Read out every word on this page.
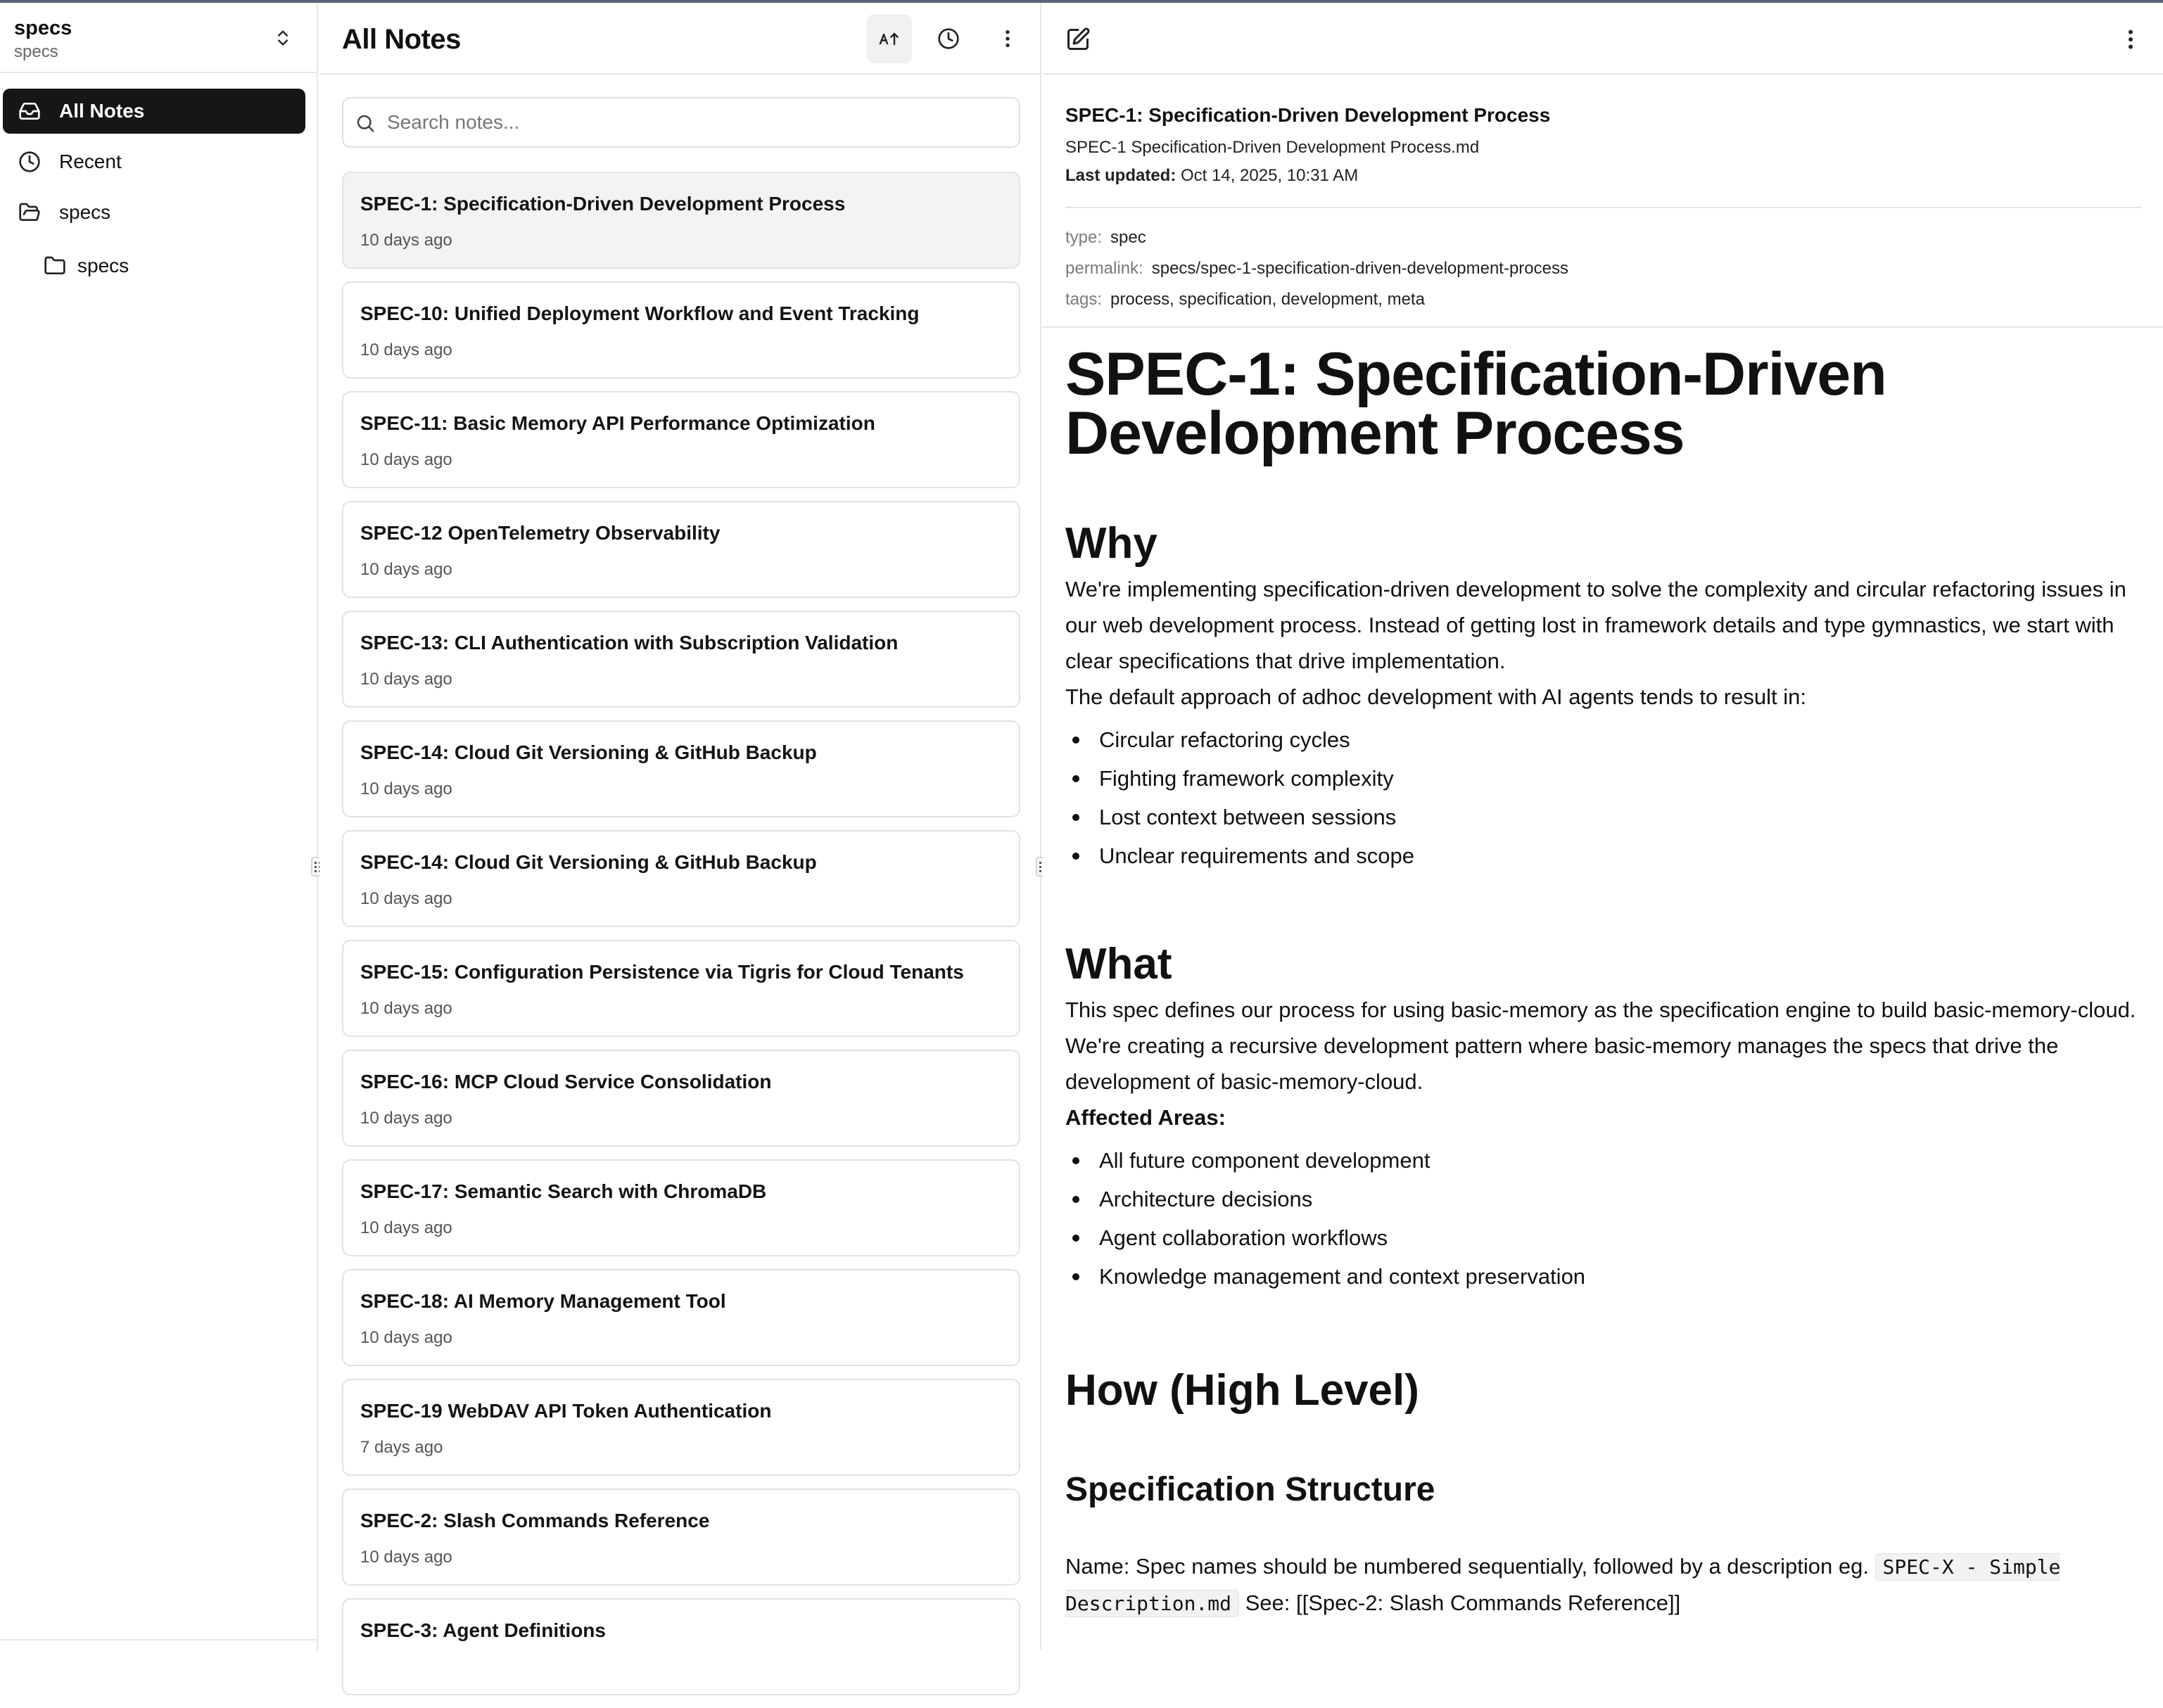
specs
specs
All Notes
Recent
specs
specs
All Notes
Search notes...
SPEC-1: Specification-Driven Development Process
10 days ago
SPEC-10: Unified Deployment Workflow and Event Tracking
10 days ago
SPEC-11: Basic Memory API Performance Optimization
10 days ago
SPEC-12 OpenTelemetry Observability
10 days ago
SPEC-13: CLI Authentication with Subscription Validation
10 days ago
SPEC-14: Cloud Git Versioning & GitHub Backup
10 days ago
SPEC-14: Cloud Git Versioning & GitHub Backup
10 days ago
SPEC-15: Configuration Persistence via Tigris for Cloud Tenants
10 days ago
SPEC-16: MCP Cloud Service Consolidation
10 days ago
SPEC-17: Semantic Search with ChromaDB
10 days ago
SPEC-18: AI Memory Management Tool
10 days ago
SPEC-19 WebDAV API Token Authentication
7 days ago
SPEC-2: Slash Commands Reference
10 days ago
SPEC-3: Agent Definitions
SPEC-1: Specification-Driven Development Process
SPEC-1 Specification-Driven Development Process.md
Last updated: Oct 14, 2025, 10:31 AM
type: spec
permalink: specs/spec-1-specification-driven-development-process
tags: process, specification, development, meta
SPEC-1: Specification-Driven Development Process
Why

We're implementing specification-driven development to solve the complexity and circular refactoring issues in our web development process. Instead of getting lost in framework details and type gymnastics, we start with clear specifications that drive implementation.

The default approach of adhoc development with AI agents tends to result in:

Circular refactoring cycles
Fighting framework complexity
Lost context between sessions
Unclear requirements and scope
What

This spec defines our process for using basic-memory as the specification engine to build basic-memory-cloud. We're creating a recursive development pattern where basic-memory manages the specs that drive the development of basic-memory-cloud.

Affected Areas:

All future component development
Architecture decisions
Agent collaboration workflows
Knowledge management and context preservation
How (High Level)
Specification Structure

Name: Spec names should be numbered sequentially, followed by a description eg. SPEC-X - Simple Description.md See: [[Spec-2: Slash Commands Reference]]
